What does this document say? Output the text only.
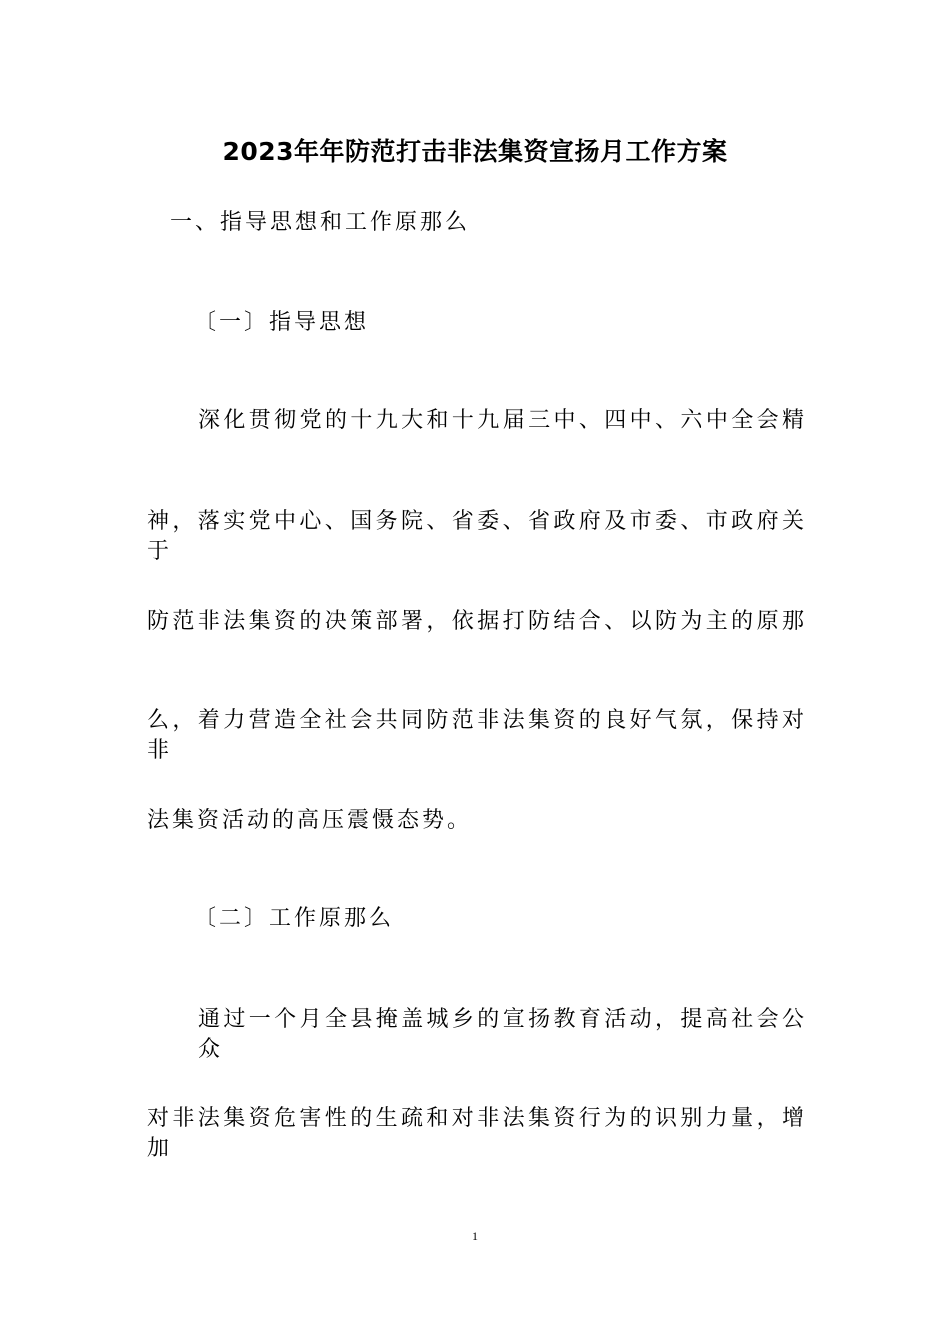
2023年年防范打击非法集资宣扬月工作方案
一、指导思想和工作原那么
〔一〕指导思想
深化贯彻党的十九大和十九届三中、四中、六中全会精
神，落实党中心、国务院、省委、省政府及市委、市政府关于
防范非法集资的决策部署，依据打防结合、以防为主的原那
么，着力营造全社会共同防范非法集资的良好气氛，保持对非
法集资活动的高压震慑态势。
〔二〕工作原那么
通过一个月全县掩盖城乡的宣扬教育活动，提高社会公众
对非法集资危害性的生疏和对非法集资行为的识别力量，增加
1
